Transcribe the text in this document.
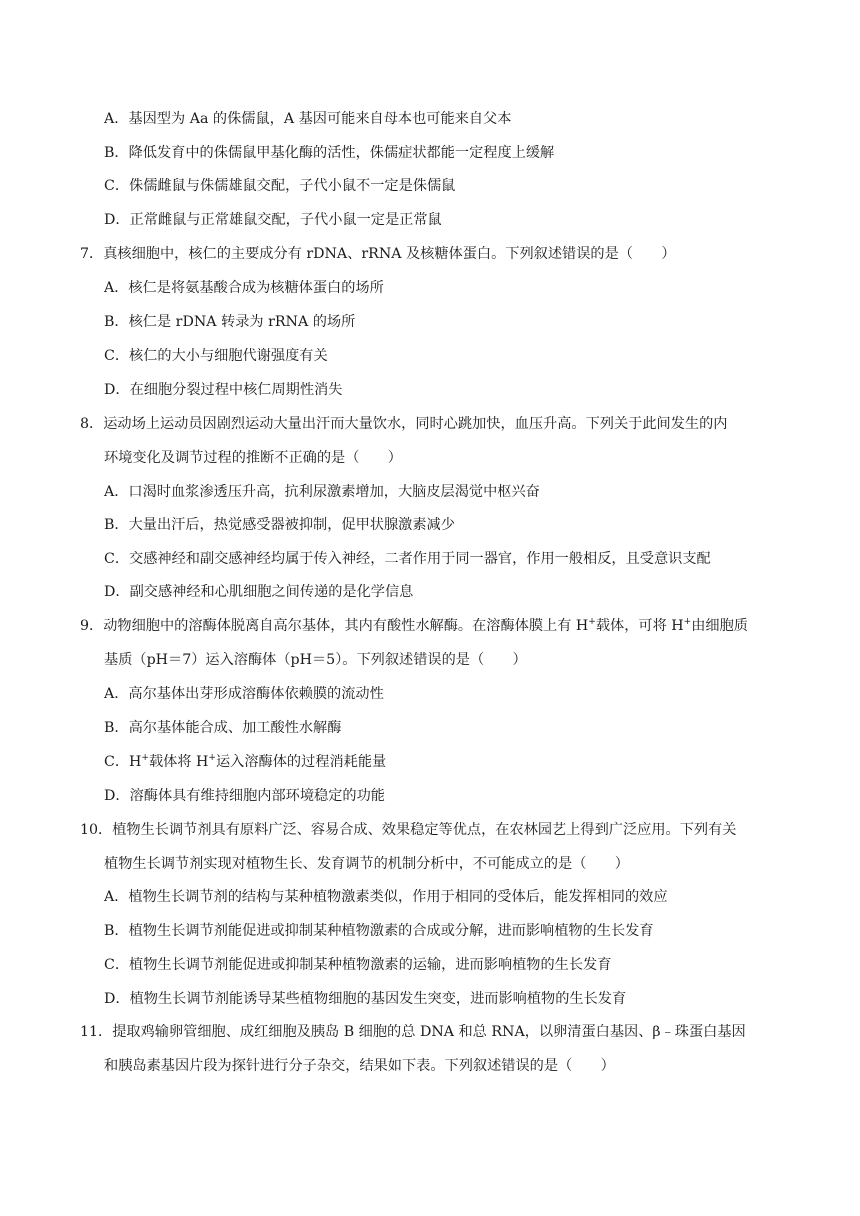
A．基因型为 Aa 的侏儒鼠，A 基因可能来自母本也可能来自父本
B．降低发育中的侏儒鼠甲基化酶的活性，侏儒症状都能一定程度上缓解
C．侏儒雌鼠与侏儒雄鼠交配，子代小鼠不一定是侏儒鼠
D．正常雌鼠与正常雄鼠交配，子代小鼠一定是正常鼠
7．真核细胞中，核仁的主要成分有 rDNA、rRNA 及核糖体蛋白。下列叙述错误的是（　　）
A．核仁是将氨基酸合成为核糖体蛋白的场所
B．核仁是 rDNA 转录为 rRNA 的场所
C．核仁的大小与细胞代谢强度有关
D．在细胞分裂过程中核仁周期性消失
8．运动场上运动员因剧烈运动大量出汗而大量饮水，同时心跳加快，血压升高。下列关于此间发生的内
环境变化及调节过程的推断不正确的是（　　）
A．口渴时血浆渗透压升高，抗利尿激素增加，大脑皮层渴觉中枢兴奋
B．大量出汗后，热觉感受器被抑制，促甲状腺激素减少
C．交感神经和副交感神经均属于传入神经，二者作用于同一器官，作用一般相反，且受意识支配
D．副交感神经和心肌细胞之间传递的是化学信息
9．动物细胞中的溶酶体脱离自高尔基体，其内有酸性水解酶。在溶酶体膜上有 H+载体，可将 H+由细胞质
基质（pH＝7）运入溶酶体（pH＝5）。下列叙述错误的是（　　）
A．高尔基体出芽形成溶酶体依赖膜的流动性
B．高尔基体能合成、加工酸性水解酶
C．H+载体将 H+运入溶酶体的过程消耗能量
D．溶酶体具有维持细胞内部环境稳定的功能
10．植物生长调节剂具有原料广泛、容易合成、效果稳定等优点，在农林园艺上得到广泛应用。下列有关
植物生长调节剂实现对植物生长、发育调节的机制分析中，不可能成立的是（　　）
A．植物生长调节剂的结构与某种植物激素类似，作用于相同的受体后，能发挥相同的效应
B．植物生长调节剂能促进或抑制某种植物激素的合成或分解，进而影响植物的生长发育
C．植物生长调节剂能促进或抑制某种植物激素的运输，进而影响植物的生长发育
D．植物生长调节剂能诱导某些植物细胞的基因发生突变，进而影响植物的生长发育
11．提取鸡输卵管细胞、成红细胞及胰岛 B 细胞的总 DNA 和总 RNA，以卵清蛋白基因、β﹣珠蛋白基因
和胰岛素基因片段为探针进行分子杂交，结果如下表。下列叙述错误的是（　　）
